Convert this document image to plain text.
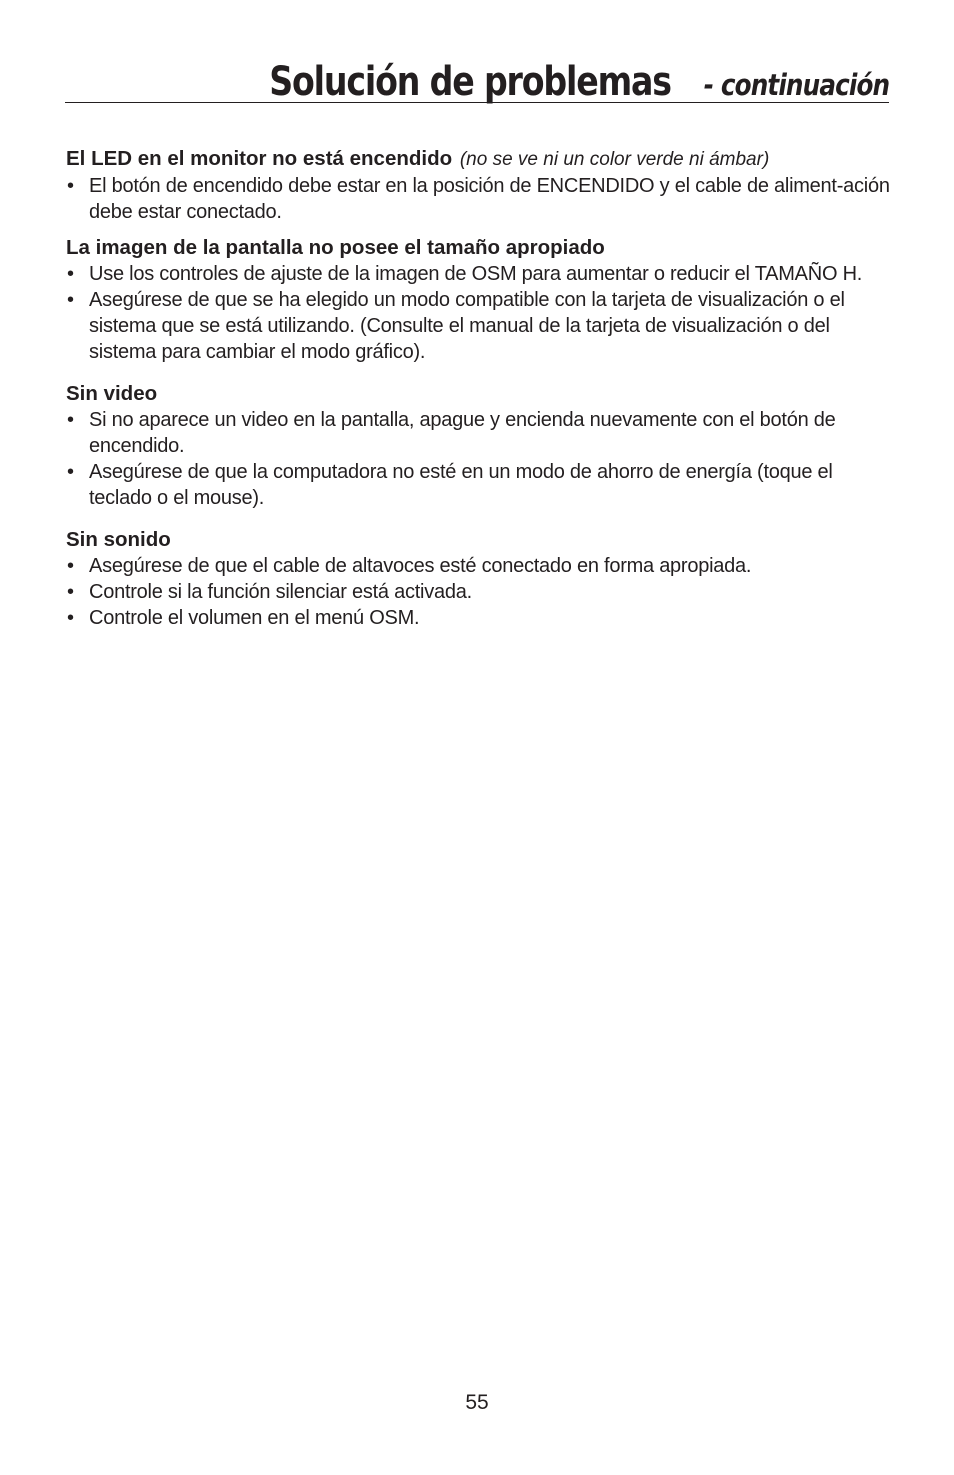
Solución de problemas- continuación

El LED en el monitor no está encendido (no se ve ni un color verde ni ámbar)

• El botón de encendido debe estar en la posición de ENCENDIDO y el cable de aliment-ación debe estar conectado.

La imagen de la pantalla no posee el tamaño apropiado

• Use los controles de ajuste de la imagen de OSM para aumentar o reducir el TAMAÑO H.
• Asegúrese de que se ha elegido un modo compatible con la tarjeta de visualización o el sistema que se está utilizando. (Consulte el manual de la tarjeta de visualización o del sistema para cambiar el modo gráfico).

Sin video

• Si no aparece un video en la pantalla, apague y encienda nuevamente con el botón de encendido.
• Asegúrese de que la computadora no esté en un modo de ahorro de energía (toque el teclado o el mouse).

Sin sonido

• Asegúrese de que el cable de altavoces esté conectado en forma apropiada.
• Controle si la función silenciar está activada.
• Controle el volumen en el menú OSM.
55
